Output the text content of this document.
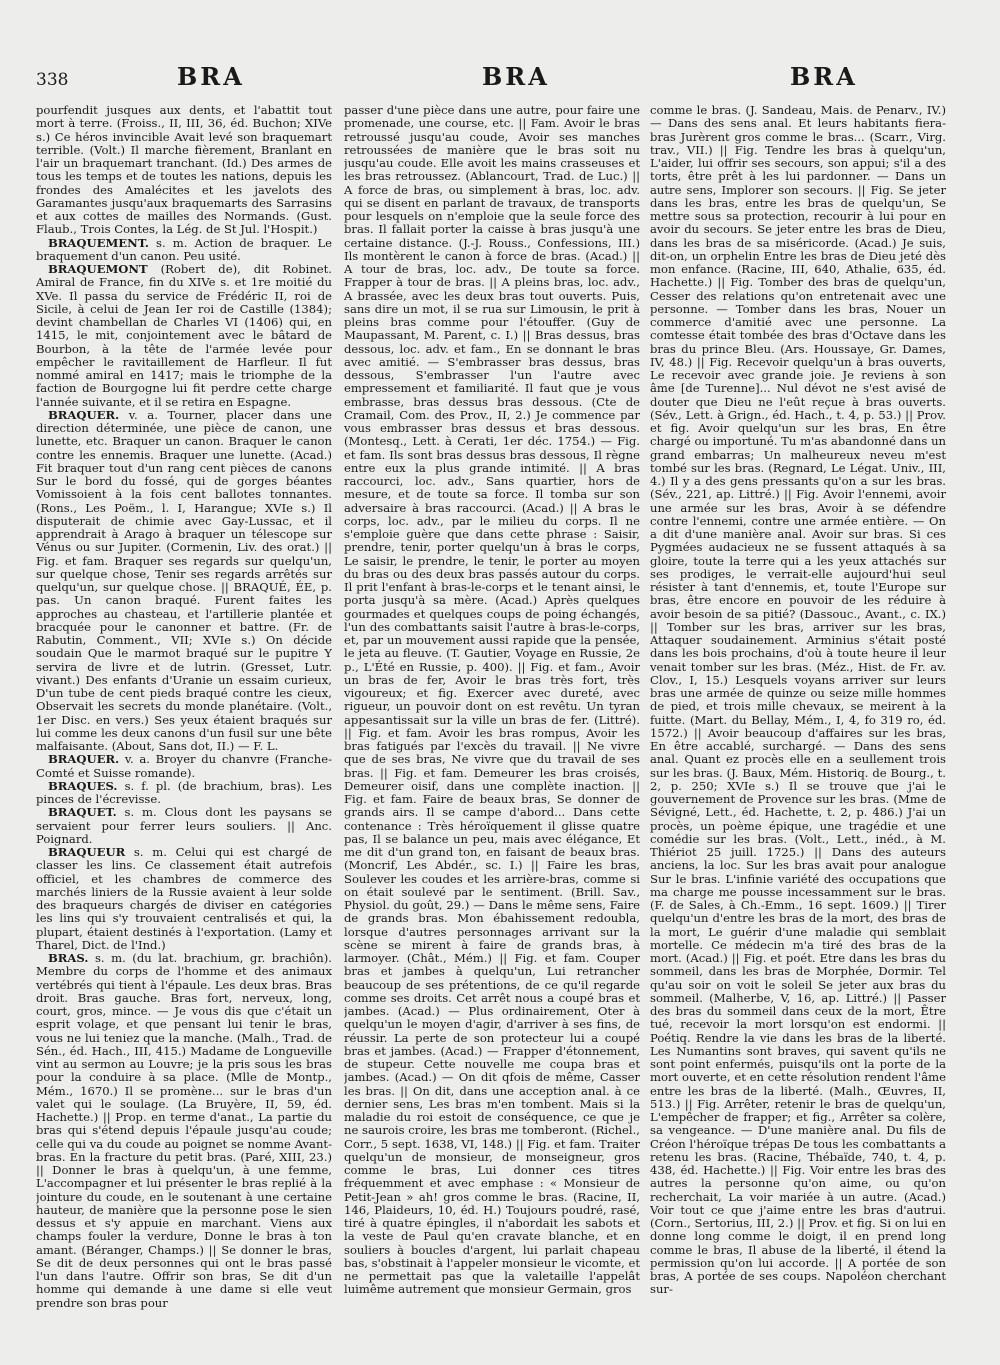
338	BRA	BRA	BRA

pourfendit jusques aux dents, et l'abattit tout mort à terre. (Froiss., II, III, 36, éd. Buchon; XIVe s.) Ce héros invincible Avait levé son braquemart terrible. (Volt.) Il marche fièrement, Branlant en l'air un braquemart tranchant. (Id.) Des armes de tous les temps et de toutes les nations, depuis les frondes des Amalécites et les javelots des Garamantes jusqu'aux braquemarts des Sarrasins et aux cottes de mailles des Normands. (Gust. Flaub., Trois Contes, la Lég. de St Jul. l'Hospit.)

BRAQUEMENT. s. m. Action de braquer. Le braquement d'un canon. Peu usité.

BRAQUEMONT (Robert de), dit Robinet. Amiral de France, fin du XIVe s. et 1re moitié du XVe. Il passa du service de Frédéric II, roi de Sicile, à celui de Jean Ier roi de Castille (1384); devint chambellan de Charles VI (1406) qui, en 1415, le mit, conjointement avec le bâtard de Bourbon, à la tête de l'armée levée pour empêcher le ravitaillement de Harfleur. Il fut nommé amiral en 1417; mais le triomphe de la faction de Bourgogne lui fit perdre cette charge l'année suivante, et il se retira en Espagne.

BRAQUER. v. a. Tourner, placer dans une direction déterminée, une pièce de canon, une lunette, etc. Braquer un canon. Braquer le canon contre les ennemis. Braquer une lunette. (Acad.) Fit braquer tout d'un rang cent pièces de canons Sur le bord du fossé, qui de gorges béantes Vomissoient à la fois cent ballotes tonnantes. (Rons., Les Poëm., l. I, Harangue; XVIe s.) Il disputerait de chimie avec Gay-Lussac, et il apprendrait à Arago à braquer un télescope sur Vénus ou sur Jupiter. (Cormenin, Liv. des orat.) || Fig. et fam. Braquer ses regards sur quelqu'un, sur quelque chose, Tenir ses regards arrêtés sur quelqu'un, sur quelque chose. || BRAQUÉ, ÉE, p. pas. Un canon braqué. Furent faites les approches au chasteau, et l'artillerie plantée et bracquée pour le canonner et battre. (Fr. de Rabutin, Comment., VII; XVIe s.) On décide soudain Que le marmot braqué sur le pupitre Y servira de livre et de lutrin. (Gresset, Lutr. vivant.) Des enfants d'Uranie un essaim curieux, D'un tube de cent pieds braqué contre les cieux, Observait les secrets du monde planétaire. (Volt., 1er Disc. en vers.) Ses yeux étaient braqués sur lui comme les deux canons d'un fusil sur une bête malfaisante. (About, Sans dot, II.) — F. L.

BRAQUER. v. a. Broyer du chanvre (Franche-Comté et Suisse romande).

BRAQUES. s. f. pl. (de brachium, bras). Les pinces de l'écrevisse.

BRAQUET. s. m. Clous dont les paysans se servaient pour ferrer leurs souliers. || Anc. Poignard.

BRAQUEUR s. m. Celui qui est chargé de classer les lins. Ce classement était autrefois officiel, et les chambres de commerce des marchés liniers de la Russie avaient à leur solde des braqueurs chargés de diviser en catégories les lins qui s'y trouvaient centralisés et qui, la plupart, étaient destinés à l'exportation. (Lamy et Tharel, Dict. de l'Ind.)

BRAS. s. m. (du lat. brachium, gr. brachiôn). Membre du corps de l'homme et des animaux vertébrés qui tient à l'épaule. Les deux bras. Bras droit. Bras gauche. Bras fort, nerveux, long, court, gros, mince. — Je vous dis que c'était un esprit volage, et que pensant lui tenir le bras, vous ne lui teniez que la manche. (Malh., Trad. de Sén., éd. Hach., III, 415.) Madame de Longueville vint au sermon au Louvre; je la pris sous les bras pour la conduire à sa place. (Mlle de Montp., Mém., 1670.) Il se promène... sur le bras d'un valet qui le soulage. (La Bruyère, II, 59, éd. Hachette.) || Prop. en terme d'anat., La partie du bras qui s'étend depuis l'épaule jusqu'au coude; celle qui va du coude au poignet se nomme Avant-bras. En la fracture du petit bras. (Paré, XIII, 23.) || Donner le bras à quelqu'un, à une femme, L'accompagner et lui présenter le bras replié à la jointure du coude, en le soutenant à une certaine hauteur, de manière que la personne pose le sien dessus et s'y appuie en marchant. Viens aux champs fouler la verdure, Donne le bras à ton amant. (Béranger, Champs.) || Se donner le bras, Se dit de deux personnes qui ont le bras passé l'un dans l'autre. Offrir son bras, Se dit d'un homme qui demande à une dame si elle veut prendre son bras pour

passer d'une pièce dans une autre, pour faire une promenade, une course, etc. || Fam. Avoir le bras retroussé jusqu'au coude, Avoir ses manches retroussées de manière que le bras soit nu jusqu'au coude. Elle avoit les mains crasseuses et les bras retroussez. (Ablancourt, Trad. de Luc.) || A force de bras, ou simplement à bras, loc. adv. qui se disent en parlant de travaux, de transports pour lesquels on n'emploie que la seule force des bras. Il fallait porter la caisse à bras jusqu'à une certaine distance. (J.-J. Rouss., Confessions, III.) Ils montèrent le canon à force de bras. (Acad.) || A tour de bras, loc. adv., De toute sa force. Frapper à tour de bras. || A pleins bras, loc. adv., A brassée, avec les deux bras tout ouverts. Puis, sans dire un mot, il se rua sur Limousin, le prit à pleins bras comme pour l'étouffer. (Guy de Maupassant, M. Parent, c. I.) || Bras dessus, bras dessous, loc. adv. et fam., En se donnant le bras avec amitié. — S'embrasser bras dessus, bras dessous, S'embrasser l'un l'autre avec empressement et familiarité. Il faut que je vous embrasse, bras dessus bras dessous. (Cte de Cramail, Com. des Prov., II, 2.) Je commence par vous embrasser bras dessus et bras dessous. (Montesq., Lett. à Cerati, 1er déc. 1754.) — Fig. et fam. Ils sont bras dessus bras dessous, Il règne entre eux la plus grande intimité. || A bras raccourci, loc. adv., Sans quartier, hors de mesure, et de toute sa force. Il tomba sur son adversaire à bras raccourci. (Acad.) || A bras le corps, loc. adv., par le milieu du corps. Il ne s'emploie guère que dans cette phrase : Saisir, prendre, tenir, porter quelqu'un à bras le corps, Le saisir, le prendre, le tenir, le porter au moyen du bras ou des deux bras passés autour du corps. Il prit l'enfant à bras-le-corps et le tenant ainsi, le porta jusqu'à sa mère. (Acad.) Après quelques gourmades et quelques coups de poing échangés, l'un des combattants saisit l'autre à bras-le-corps, et, par un mouvement aussi rapide que la pensée, le jeta au fleuve. (T. Gautier, Voyage en Russie, 2e p., L'Été en Russie, p. 400). || Fig. et fam., Avoir un bras de fer, Avoir le bras très fort, très vigoureux; et fig. Exercer avec dureté, avec rigueur, un pouvoir dont on est revêtu. Un tyran appesantissait sur la ville un bras de fer. (Littré). || Fig. et fam. Avoir les bras rompus, Avoir les bras fatigués par l'excès du travail. || Ne vivre que de ses bras, Ne vivre que du travail de ses bras. || Fig. et fam. Demeurer les bras croisés, Demeurer oisif, dans une complète inaction. || Fig. et fam. Faire de beaux bras, Se donner de grands airs. Il se campe d'abord... Dans cette contenance : Très héroïquement il glisse quatre pas, Il se balance un peu, mais avec élégance, Et me dit d'un grand ton, en faisant de beaux bras. (Moncrif, Les Abdér., sc. I.) || Faire les bras, Soulever les coudes et les arrière-bras, comme si on était soulevé par le sentiment. (Brill. Sav., Physiol. du goût, 29.) — Dans le même sens, Faire de grands bras. Mon ébahissement redoubla, lorsque d'autres personnages arrivant sur la scène se mirent à faire de grands bras, à larmoyer. (Chât., Mém.) || Fig. et fam. Couper bras et jambes à quelqu'un, Lui retrancher beaucoup de ses prétentions, de ce qu'il regarde comme ses droits. Cet arrêt nous a coupé bras et jambes. (Acad.) — Plus ordinairement, Oter à quelqu'un le moyen d'agir, d'arriver à ses fins, de réussir. La perte de son protecteur lui a coupé bras et jambes. (Acad.) — Frapper d'étonnement, de stupeur. Cette nouvelle me coupa bras et jambes. (Acad.) — On dit qfois de même, Casser les bras. || On dit, dans une acception anal. à ce dernier sens, Les bras m'en tombent. Mais si la maladie du roi estoit de conséquence, ce que je ne saurois croire, les bras me tomberont. (Richel., Corr., 5 sept. 1638, VI, 148.) || Fig. et fam. Traiter quelqu'un de monsieur, de monseigneur, gros comme le bras, Lui donner ces titres fréquemment et avec emphase : « Monsieur de Petit-Jean » ah! gros comme le bras. (Racine, II, 146, Plaideurs, 10, éd. H.) Toujours poudré, rasé, tiré à quatre épingles, il n'abordait les sabots et la veste de Paul qu'en cravate blanche, et en souliers à boucles d'argent, lui parlait chapeau bas, s'obstinait à l'appeler monsieur le vicomte, et ne permettait pas que la valetaille l'appelât luimême autrement que monsieur Germain, gros

comme le bras. (J. Sandeau, Mais. de Penarv., IV.) — Dans des sens anal. Et leurs habitants fiera-bras Jurèrent gros comme le bras... (Scarr., Virg. trav., VII.) || Fig. Tendre les bras à quelqu'un, L'aider, lui offrir ses secours, son appui; s'il a des torts, être prêt à les lui pardonner. — Dans un autre sens, Implorer son secours. || Fig. Se jeter dans les bras, entre les bras de quelqu'un, Se mettre sous sa protection, recourir à lui pour en avoir du secours. Se jeter entre les bras de Dieu, dans les bras de sa miséricorde. (Acad.) Je suis, dit-on, un orphelin Entre les bras de Dieu jeté dès mon enfance. (Racine, III, 640, Athalie, 635, éd. Hachette.) || Fig. Tomber des bras de quelqu'un, Cesser des relations qu'on entretenait avec une personne. — Tomber dans les bras, Nouer un commerce d'amitié avec une personne. La comtesse était tombée des bras d'Octave dans les bras du prince Bleu. (Ars. Houssaye, Gr. Dames, IV, 48.) || Fig. Recevoir quelqu'un à bras ouverts, Le recevoir avec grande joie. Je reviens à son âme [de Turenne]... Nul dévot ne s'est avisé de douter que Dieu ne l'eût reçue à bras ouverts. (Sév., Lett. à Grign., éd. Hach., t. 4, p. 53.) || Prov. et fig. Avoir quelqu'un sur les bras, En être chargé ou importuné. Tu m'as abandonné dans un grand embarras; Un malheureux neveu m'est tombé sur les bras. (Regnard, Le Légat. Univ., III, 4.) Il y a des gens pressants qu'on a sur les bras. (Sév., 221, ap. Littré.) || Fig. Avoir l'ennemi, avoir une armée sur les bras, Avoir à se défendre contre l'ennemi, contre une armée entière. — On a dit d'une manière anal. Avoir sur bras. Si ces Pygmées audacieux ne se fussent attaqués à sa gloire, toute la terre qui a les yeux attachés sur ses prodiges, le verrait-elle aujourd'hui seul résister à tant d'ennemis, et, toute l'Europe sur bras, être encore en pouvoir de les réduire à avoir besoin de sa pitié? (Dassouc., Avant., c. IX.) || Tomber sur les bras, arriver sur les bras, Attaquer soudainement. Arminius s'était posté dans les bois prochains, d'où à toute heure il leur venait tomber sur les bras. (Méz., Hist. de Fr. av. Clov., I, 15.) Lesquels voyans arriver sur leurs bras une armée de quinze ou seize mille hommes de pied, et trois mille chevaux, se meirent à la fuitte. (Mart. du Bellay, Mém., I, 4, fo 319 ro, éd. 1572.) || Avoir beaucoup d'affaires sur les bras, En être accablé, surchargé. — Dans des sens anal. Quant ez procès elle en a seullement trois sur les bras. (J. Baux, Mém. Historiq. de Bourg., t. 2, p. 250; XVIe s.) Il se trouve que j'ai le gouvernement de Provence sur les bras. (Mme de Sévigné, Lett., éd. Hachette, t. 2, p. 486.) J'ai un procès, un poème épique, une tragédie et une comédie sur les bras. (Volt., Lett., inéd., à M. Thiériot 25 juill. 1725.) || Dans des auteurs anciens, la loc. Sur les bras avait pour analogue Sur le bras. L'infinie variété des occupations que ma charge me pousse incessamment sur le bras. (F. de Sales, à Ch.-Emm., 16 sept. 1609.) || Tirer quelqu'un d'entre les bras de la mort, des bras de la mort, Le guérir d'une maladie qui semblait mortelle. Ce médecin m'a tiré des bras de la mort. (Acad.) || Fig. et poét. Etre dans les bras du sommeil, dans les bras de Morphée, Dormir. Tel qu'au soir on voit le soleil Se jeter aux bras du sommeil. (Malherbe, V, 16, ap. Littré.) || Passer des bras du sommeil dans ceux de la mort, Être tué, recevoir la mort lorsqu'on est endormi. || Poétiq. Rendre la vie dans les bras de la liberté. Les Numantins sont braves, qui savent qu'ils ne sont point enfermés, puisqu'ils ont la porte de la mort ouverte, et en cette résolution rendent l'âme entre les bras de la liberté. (Malh., Œuvres, II, 513.) || Fig. Arrêter, retenir le bras de quelqu'un, L'empêcher de frapper; et fig., Arrêter sa colère, sa vengeance. — D'une manière anal. Du fils de Créon l'héroïque trépas De tous les combattants a retenu les bras. (Racine, Thébaïde, 740, t. 4, p. 438, éd. Hachette.) || Fig. Voir entre les bras des autres la personne qu'on aime, ou qu'on recherchait, La voir mariée à un autre. (Acad.) Voir tout ce que j'aime entre les bras d'autrui. (Corn., Sertorius, III, 2.) || Prov. et fig. Si on lui en donne long comme le doigt, il en prend long comme le bras, Il abuse de la liberté, il étend la permission qu'on lui accorde. || A portée de son bras, A portée de ses coups. Napoléon cherchant sur-
